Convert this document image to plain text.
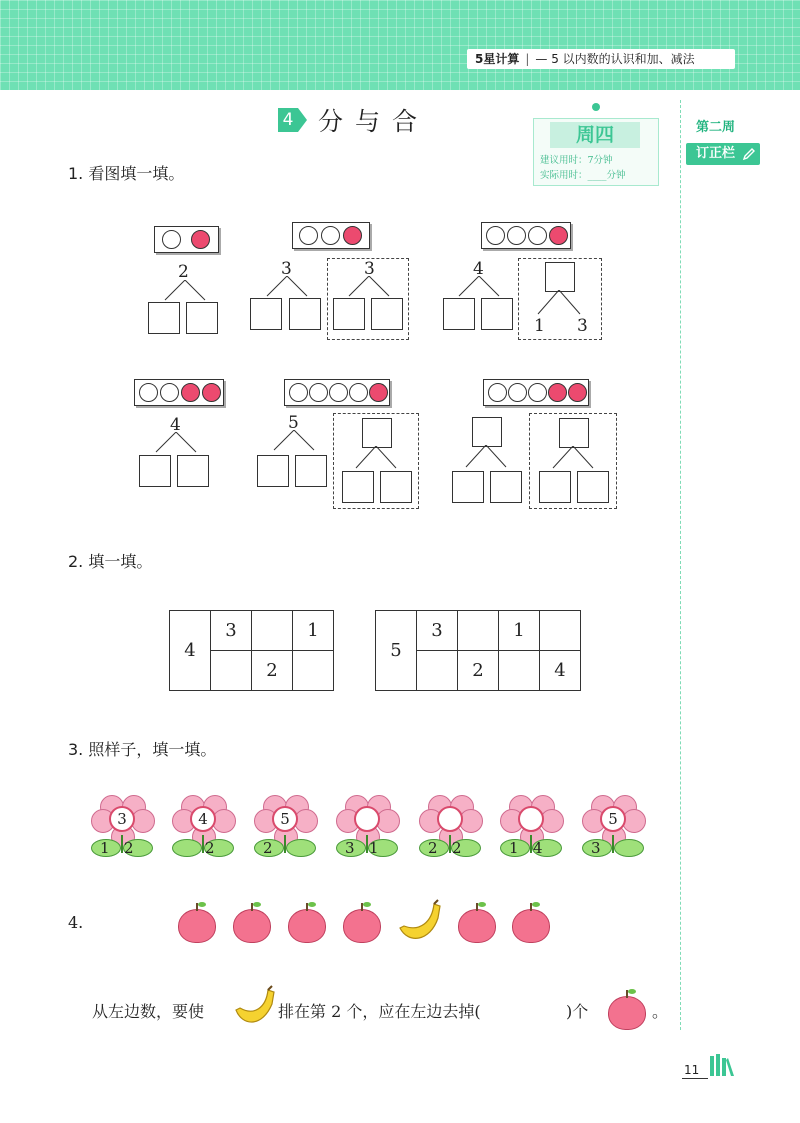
5星计算 | — 5 以内数的认识和加、减法
4 分与合	周四
建议用时：7分钟
实际用时：____分钟
第二周
订正栏
1. 看图填一填。
2	3	3	4
1 3
4	5
2. 填一填。
4	3		1
		2	
5	3		1	
		2		4
3. 照样子，填一填。
3
1 2
4
2
5
2	3 1	2 2	1 4
5
3
4.
从左边数，要使	排在第 2 个，应在左边去掉(	)个	。
11
